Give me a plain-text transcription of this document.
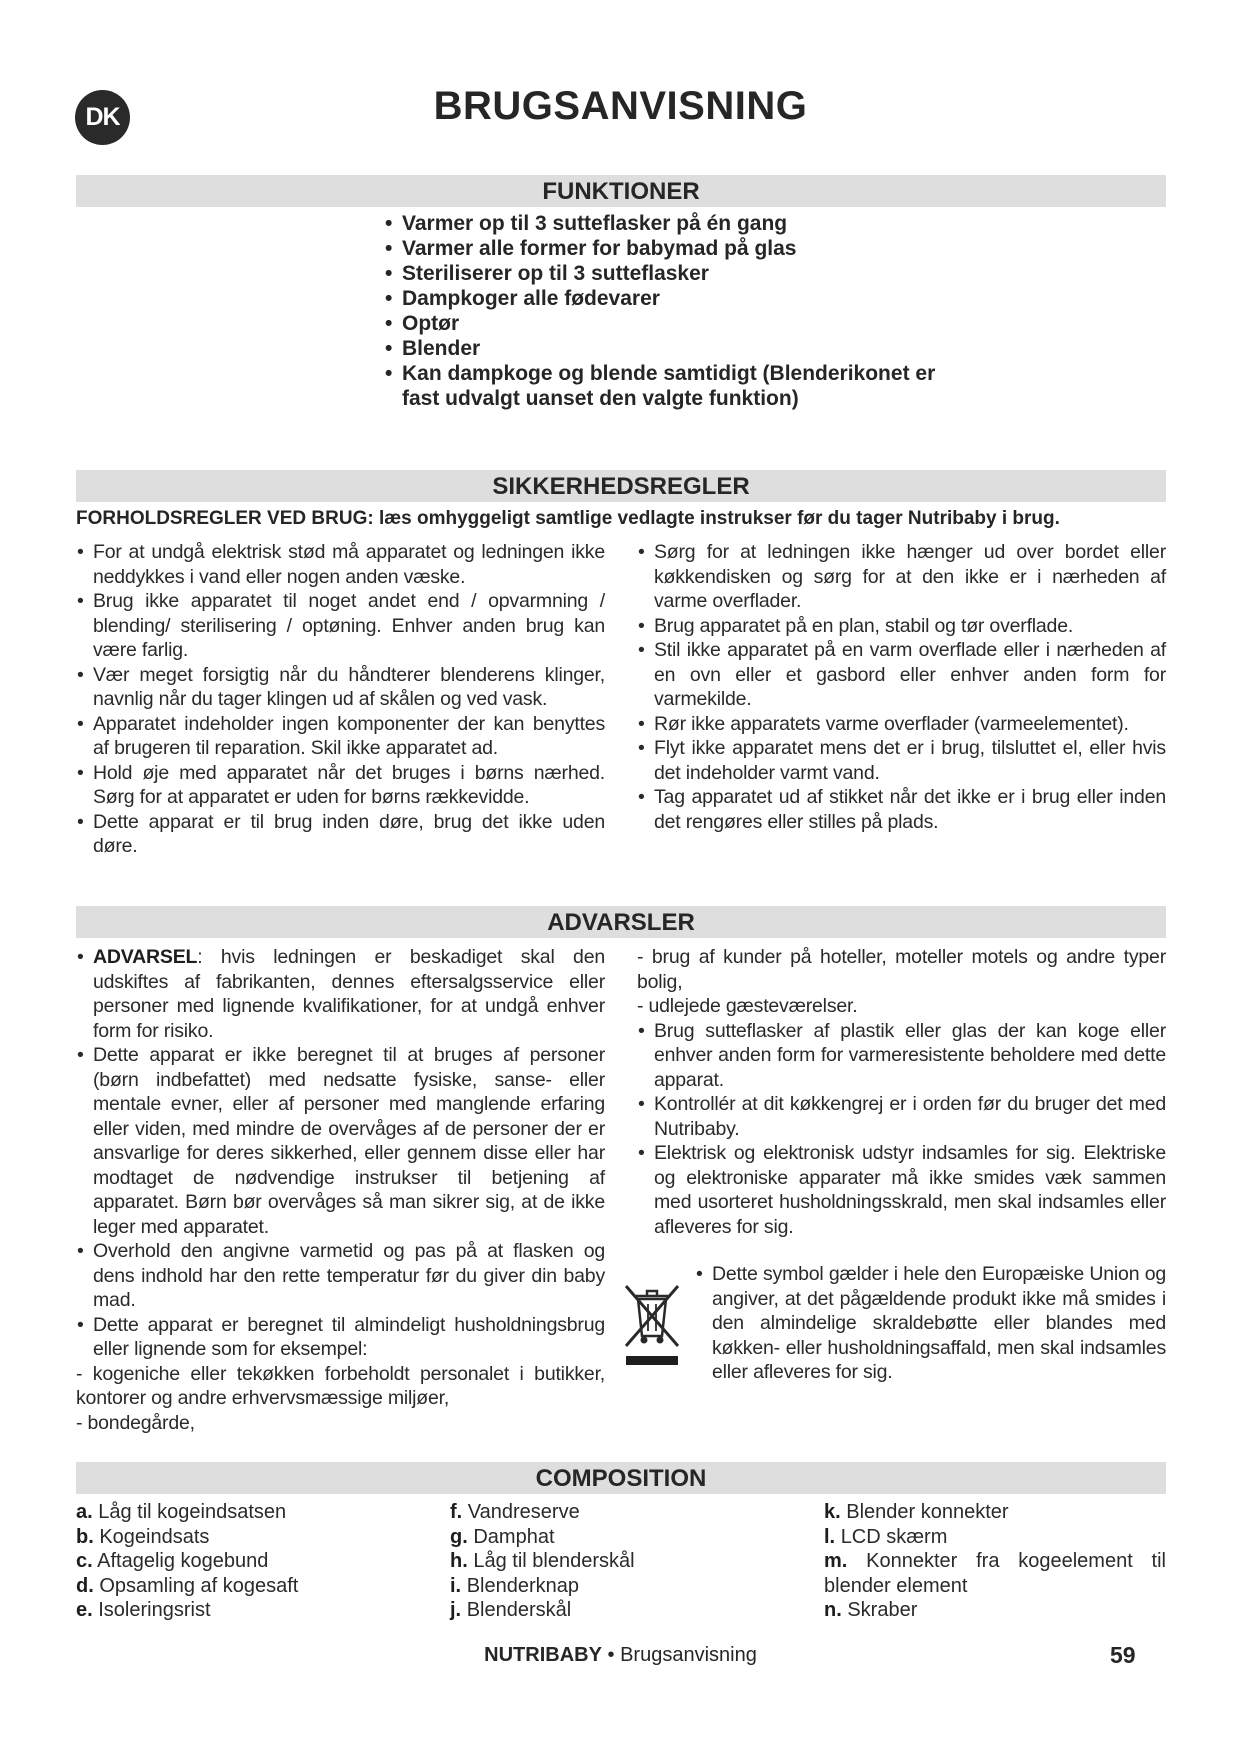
DK	BRUGSANVISNING
FUNKTIONER
• Varmer op til 3 sutteflasker på én gang
• Varmer alle former for babymad på glas
• Steriliserer op til 3 sutteflasker
• Dampkoger alle fødevarer
• Optør
• Blender
• Kan dampkoge og blende samtidigt (Blenderikonet er fast udvalgt uanset den valgte funktion)
SIKKERHEDSREGLER
FORHOLDSREGLER VED BRUG: læs omhyggeligt samtlige vedlagte instrukser før du tager Nutribaby i brug.
• For at undgå elektrisk stød må apparatet og ledningen ikke neddykkes i vand eller nogen anden væske.
• Brug ikke apparatet til noget andet end / opvarmning / blending/ sterilisering / optøning. Enhver anden brug kan være farlig.
• Vær meget forsigtig når du håndterer blenderens klinger, navnlig når du tager klingen ud af skålen og ved vask.
• Apparatet indeholder ingen komponenter der kan benyttes af brugeren til reparation. Skil ikke apparatet ad.
• Hold øje med apparatet når det bruges i børns nærhed. Sørg for at apparatet er uden for børns rækkevidde.
• Dette apparat er til brug inden døre, brug det ikke uden døre.
• Sørg for at ledningen ikke hænger ud over bordet eller køkkendisken og sørg for at den ikke er i nærheden af varme overflader.
• Brug apparatet på en plan, stabil og tør overflade.
• Stil ikke apparatet på en varm overflade eller i nærheden af en ovn eller et gasbord eller enhver anden form for varmekilde.
• Rør ikke apparatets varme overflader (varmeelementet).
• Flyt ikke apparatet mens det er i brug, tilsluttet el, eller hvis det indeholder varmt vand.
• Tag apparatet ud af stikket når det ikke er i brug eller inden det rengøres eller stilles på plads.
ADVARSLER
• ADVARSEL: hvis ledningen er beskadiget skal den udskiftes af fabrikanten, dennes eftersalgsservice eller personer med lignende kvalifikationer, for at undgå enhver form for risiko.
• Dette apparat er ikke beregnet til at bruges af personer (børn indbefattet) med nedsatte fysiske, sanse- eller mentale evner, eller af personer med manglende erfaring eller viden, med mindre de overvåges af de personer der er ansvarlige for deres sikkerhed, eller gennem disse eller har modtaget de nødvendige instrukser til betjening af apparatet. Børn bør overvåges så man sikrer sig, at de ikke leger med apparatet.
• Overhold den angivne varmetid og pas på at flasken og dens indhold har den rette temperatur før du giver din baby mad.
• Dette apparat er beregnet til almindeligt husholdningsbrug eller lignende som for eksempel:

- kogeniche eller tekøkken forbeholdt personalet i butikker, kontorer og andre erhvervsmæssige miljøer,

- bondegårde,

- brug af kunder på hoteller, moteller motels og andre typer bolig,

- udlejede gæsteværelser.

• Brug sutteflasker af plastik eller glas der kan koge eller enhver anden form for varmeresistente beholdere med dette apparat.
• Kontrollér at dit køkkengrej er i orden før du bruger det med Nutribaby.
• Elektrisk og elektronisk udstyr indsamles for sig. Elektriske og elektroniske apparater må ikke smides væk sammen med usorteret husholdningsskrald, men skal indsamles eller afleveres for sig.
• Dette symbol gælder i hele den Europæiske Union og angiver, at det pågældende produkt ikke må smides i den almindelige skraldebøtte eller blandes med køkken- eller husholdningsaffald, men skal indsamles eller afleveres for sig.
COMPOSITION
a. Låg til kogeindsatsen
b. Kogeindsats
c. Aftagelig kogebund
d. Opsamling af kogesaft
e. Isoleringsrist
f. Vandreserve
g. Damphat
h. Låg til blenderskål
i. Blenderknap
j. Blenderskål
k. Blender konnekter
l. LCD skærm
m. Konnekter fra kogeelement til blender element
n. Skraber
NUTRIBABY • Brugsanvisning	59
